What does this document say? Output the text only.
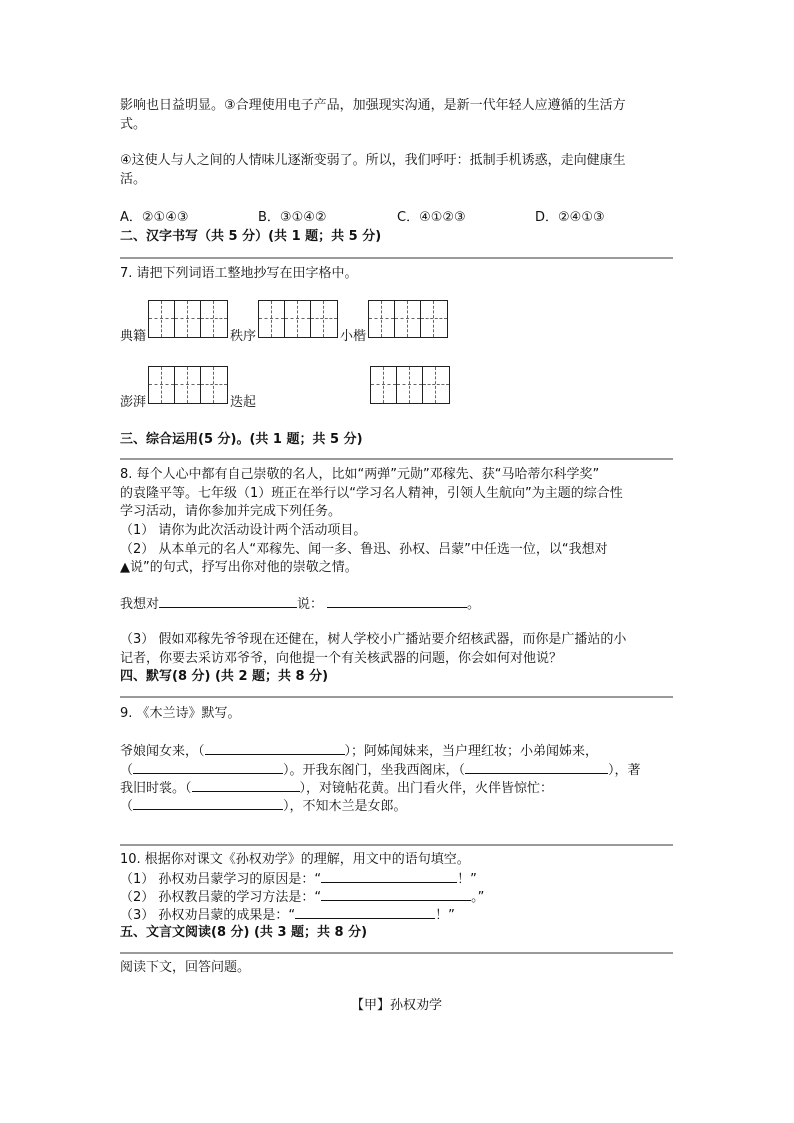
影响也日益明显。③合理使用电子产品，加强现实沟通，是新一代年轻人应遵循的生活方
式。
④这使人与人之间的人情味儿逐渐变弱了。所以，我们呼吁：抵制手机诱惑，走向健康生
活。
A．②①④③	B．③①④②	C．④①②③	D．②④①③
二、汉字书写（共 5 分）(共 1 题；共 5 分)
7. 请把下列词语工整地抄写在田字格中。
典籍	秩序	小楷
澎湃	迭起
三、综合运用(5 分)。(共 1 题；共 5 分)
8. 每个人心中都有自己崇敬的名人，比如“两弹”元勋”邓稼先、获“马哈蒂尔科学奖”
的袁隆平等。七年级（1）班正在举行以“学习名人精神，引领人生航向”为主题的综合性
学习活动，请你参加并完成下列任务。
（1） 请你为此次活动设计两个活动项目。
（2） 从本单元的名人“邓稼先、闻一多、鲁迅、孙权、吕蒙”中任选一位，以“我想对
▲说”的句式，抒写出你对他的崇敬之情。
我想对	说：	。
（3） 假如邓稼先爷爷现在还健在，树人学校小广播站要介绍核武器，而你是广播站的小
记者，你要去采访邓爷爷，向他提一个有关核武器的问题，你会如何对他说？
四、默写(8 分) (共 2 题；共 8 分)
9. 《木兰诗》默写。
爷娘闻女来，（	）；阿姊闻妹来，当户理红妆；小弟闻姊来，
（	）。开我东阁门，坐我西阁床，（	），著
我旧时裳。（	），对镜帖花黄。出门看火伴，火伴皆惊忙：
（	），不知木兰是女郎。
10. 根据你对课文《孙权劝学》的理解，用文中的语句填空。
（1） 孙权劝吕蒙学习的原因是：“	！”
（2） 孙权教吕蒙的学习方法是：“	。”
（3） 孙权劝吕蒙的成果是：“	！”
五、文言文阅读(8 分) (共 3 题；共 8 分)
阅读下文，回答问题。
【甲】孙权劝学
